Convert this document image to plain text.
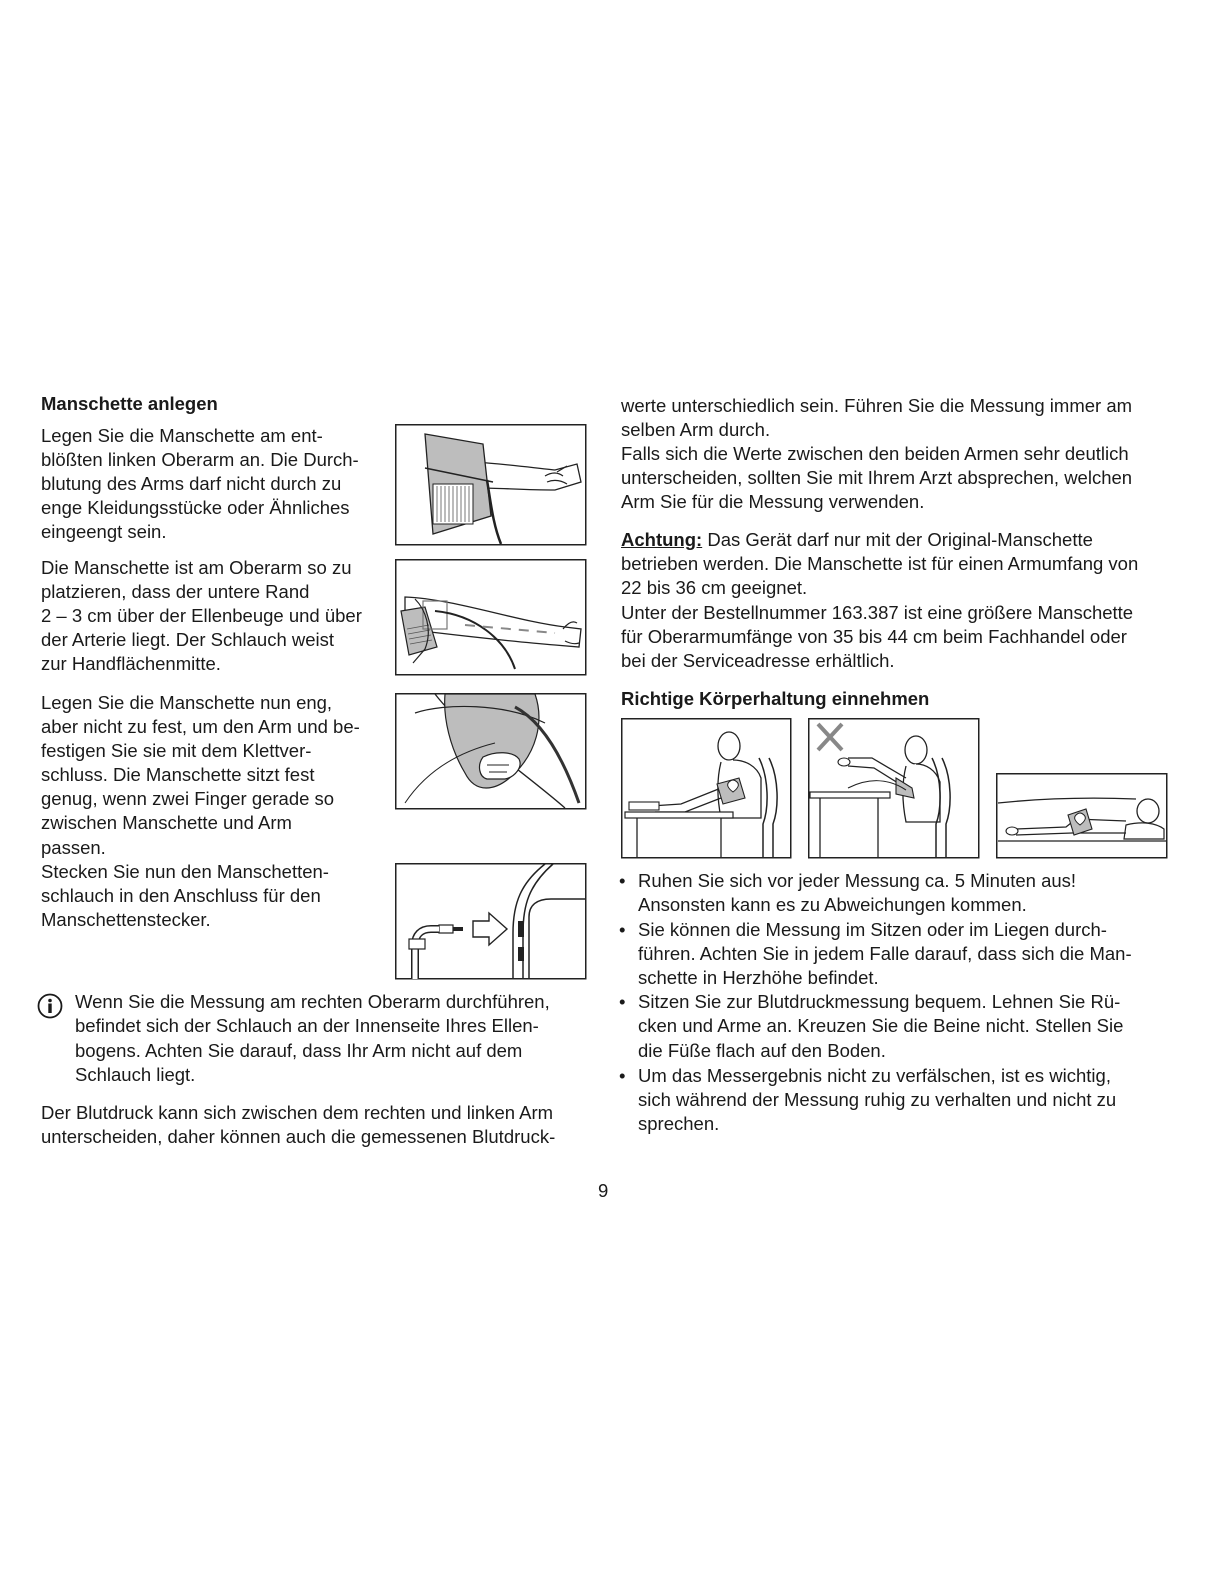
Manschette anlegen
Legen Sie die Manschette am ent-
blößten linken Oberarm an. Die Durch-
blutung des Arms darf nicht durch zu
enge Kleidungsstücke oder Ähnliches
eingeengt sein.
Die Manschette ist am Oberarm so zu
platzieren, dass der untere Rand
2 – 3 cm über der Ellenbeuge und über
der Arterie liegt. Der Schlauch weist
zur Handflächenmitte.
Legen Sie die Manschette nun eng,
aber nicht zu fest, um den Arm und be-
festigen Sie sie mit dem Klettver-
schluss. Die Manschette sitzt fest
genug, wenn zwei Finger gerade so
zwischen Manschette und Arm
passen.
Stecken Sie nun den Manschetten-
schlauch in den Anschluss für den
Manschettenstecker.
Wenn Sie die Messung am rechten Oberarm durchführen,
befindet sich der Schlauch an der Innenseite Ihres Ellen-
bogens. Achten Sie darauf, dass Ihr Arm nicht auf dem
Schlauch liegt.
Der Blutdruck kann sich zwischen dem rechten und linken Arm
unterscheiden, daher können auch die gemessenen Blutdruck-
werte unterschiedlich sein. Führen Sie die Messung immer am
selben Arm durch.
Falls sich die Werte zwischen den beiden Armen sehr deutlich
unterscheiden, sollten Sie mit Ihrem Arzt absprechen, welchen
Arm Sie für die Messung verwenden.
Achtung: Das Gerät darf nur mit der Original-Manschette
betrieben werden. Die Manschette ist für einen Armumfang von
22 bis 36 cm geeignet.
Unter der Bestellnummer 163.387 ist eine größere Manschette
für Oberarmumfänge von 35 bis 44 cm beim Fachhandel oder
bei der Serviceadresse erhältlich.
Richtige Körperhaltung einnehmen
• Ruhen Sie sich vor jeder Messung ca. 5 Minuten aus!
Ansonsten kann es zu Abweichungen kommen.
• Sie können die Messung im Sitzen oder im Liegen durch-
führen. Achten Sie in jedem Falle darauf, dass sich die Man-
schette in Herzhöhe befindet.
• Sitzen Sie zur Blutdruckmessung bequem. Lehnen Sie Rü-
cken und Arme an. Kreuzen Sie die Beine nicht. Stellen Sie
die Füße flach auf den Boden.
• Um das Messergebnis nicht zu verfälschen, ist es wichtig,
sich während der Messung ruhig zu verhalten und nicht zu
sprechen.
9
